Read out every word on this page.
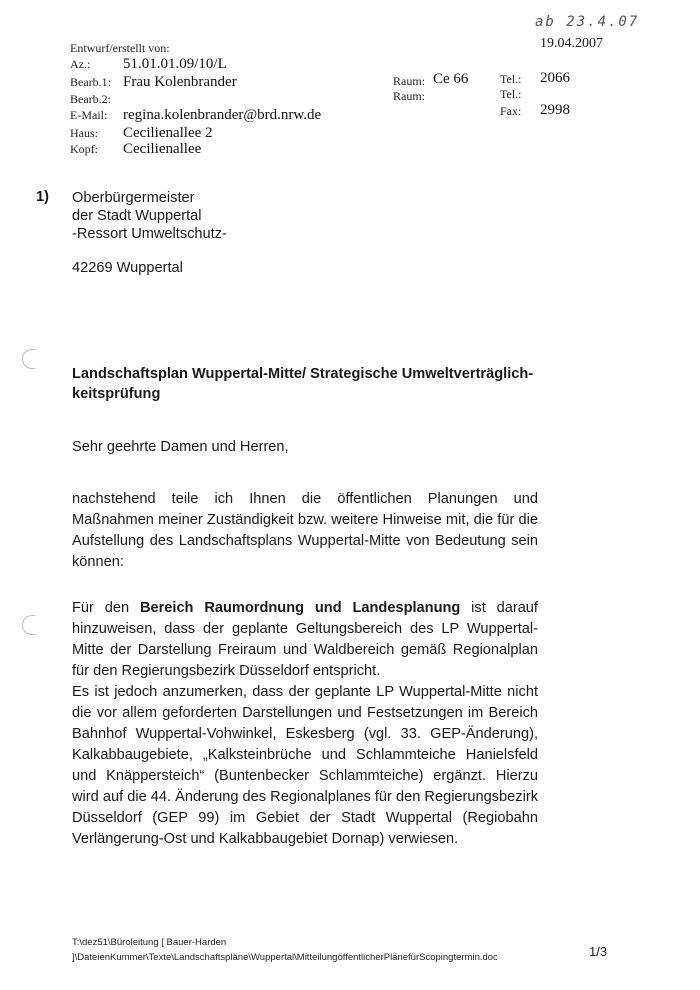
ab 23.4.07
19.04.2007
Entwurf/erstellt von:
Az.:	51.01.01.09/10/L
Bearb.1: Frau Kolenbrander
Bearb.2:
E-Mail:	regina.kolenbrander@brd.nrw.de
Haus:	Cecilienallee 2
Kopf:	Cecilienallee
Raum: Ce 66
Raum:
Tel.: 2066
Tel.:
Fax: 2998
1) Oberbürgermeister
der Stadt Wuppertal
-Ressort Umweltschutz-
42269 Wuppertal
Landschaftsplan Wuppertal-Mitte/ Strategische Umweltverträglich-
keitsprüfung
Sehr geehrte Damen und Herren,
nachstehend teile ich Ihnen die öffentlichen Planungen und Maßnahmen meiner Zuständigkeit bzw. weitere Hinweise mit, die für die Aufstellung des Landschaftsplans Wuppertal-Mitte von Bedeutung sein können:
Für den Bereich Raumordnung und Landesplanung ist darauf hinzuweisen, dass der geplante Geltungsbereich des LP Wuppertal-Mitte der Darstellung Freiraum und Waldbereich gemäß Regionalplan für den Regierungsbezirk Düsseldorf entspricht.
Es ist jedoch anzumerken, dass der geplante LP Wuppertal-Mitte nicht die vor allem geforderten Darstellungen und Festsetzungen im Bereich Bahnhof Wuppertal-Vohwinkel, Eskesberg (vgl. 33. GEP-Änderung), Kalkabbaugebiete, „Kalksteinbrüche und Schlammteiche Hanielsfeld und Knäppersteich“ (Buntenbecker Schlammteiche) ergänzt. Hierzu wird auf die 44. Änderung des Regionalplanes für den Regierungsbezirk Düsseldorf (GEP 99) im Gebiet der Stadt Wuppertal (Regiobahn Verlängerung-Ost und Kalkabbaugebiet Dornap) verwiesen.
T:\dez51\Büroleitung [ Bauer-Harden
]\DateienKummer\Texte\Landschaftspläne\Wuppertal\MitteilungöffentlicherPlänefürScopingtermin.doc	1/3
